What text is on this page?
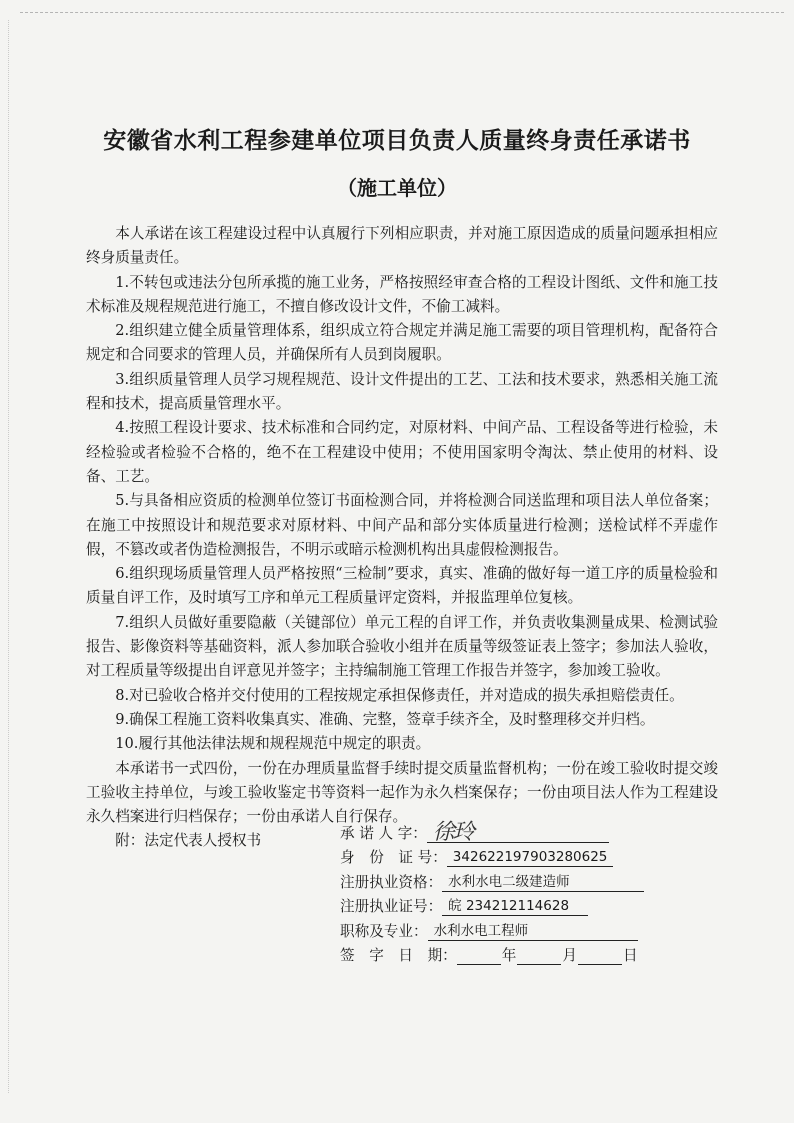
安徽省水利工程参建单位项目负责人质量终身责任承诺书
（施工单位）

本人承诺在该工程建设过程中认真履行下列相应职责，并对施工原因造成的质量问题承担相应终身质量责任。

1.不转包或违法分包所承揽的施工业务，严格按照经审查合格的工程设计图纸、文件和施工技术标准及规程规范进行施工，不擅自修改设计文件，不偷工减料。

2.组织建立健全质量管理体系，组织成立符合规定并满足施工需要的项目管理机构，配备符合规定和合同要求的管理人员，并确保所有人员到岗履职。

3.组织质量管理人员学习规程规范、设计文件提出的工艺、工法和技术要求，熟悉相关施工流程和技术，提高质量管理水平。

4.按照工程设计要求、技术标准和合同约定，对原材料、中间产品、工程设备等进行检验，未经检验或者检验不合格的，绝不在工程建设中使用；不使用国家明令淘汰、禁止使用的材料、设备、工艺。

5.与具备相应资质的检测单位签订书面检测合同，并将检测合同送监理和项目法人单位备案；在施工中按照设计和规范要求对原材料、中间产品和部分实体质量进行检测；送检试样不弄虚作假，不篡改或者伪造检测报告，不明示或暗示检测机构出具虚假检测报告。

6.组织现场质量管理人员严格按照“三检制”要求，真实、准确的做好每一道工序的质量检验和质量自评工作，及时填写工序和单元工程质量评定资料，并报监理单位复核。

7.组织人员做好重要隐蔽（关键部位）单元工程的自评工作，并负责收集测量成果、检测试验报告、影像资料等基础资料，派人参加联合验收小组并在质量等级签证表上签字；参加法人验收，对工程质量等级提出自评意见并签字；主持编制施工管理工作报告并签字，参加竣工验收。

8.对已验收合格并交付使用的工程按规定承担保修责任，并对造成的损失承担赔偿责任。

9.确保工程施工资料收集真实、准确、完整，签章手续齐全，及时整理移交并归档。

10.履行其他法律法规和规程规范中规定的职责。

本承诺书一式四份，一份在办理质量监督手续时提交质量监督机构；一份在竣工验收时提交竣工验收主持单位，与竣工验收鉴定书等资料一起作为永久档案保存；一份由项目法人作为工程建设永久档案进行归档保存；一份由承诺人自行保存。

附：法定代表人授权书	承 诺 人 字： 徐玲
身　份　证 号： 342622197903280625
注册执业资格： 水利水电二级建造师
注册执业证号： 皖 234212114628
职称及专业： 水利水电工程师
签　字　日　期：	年	月	日
